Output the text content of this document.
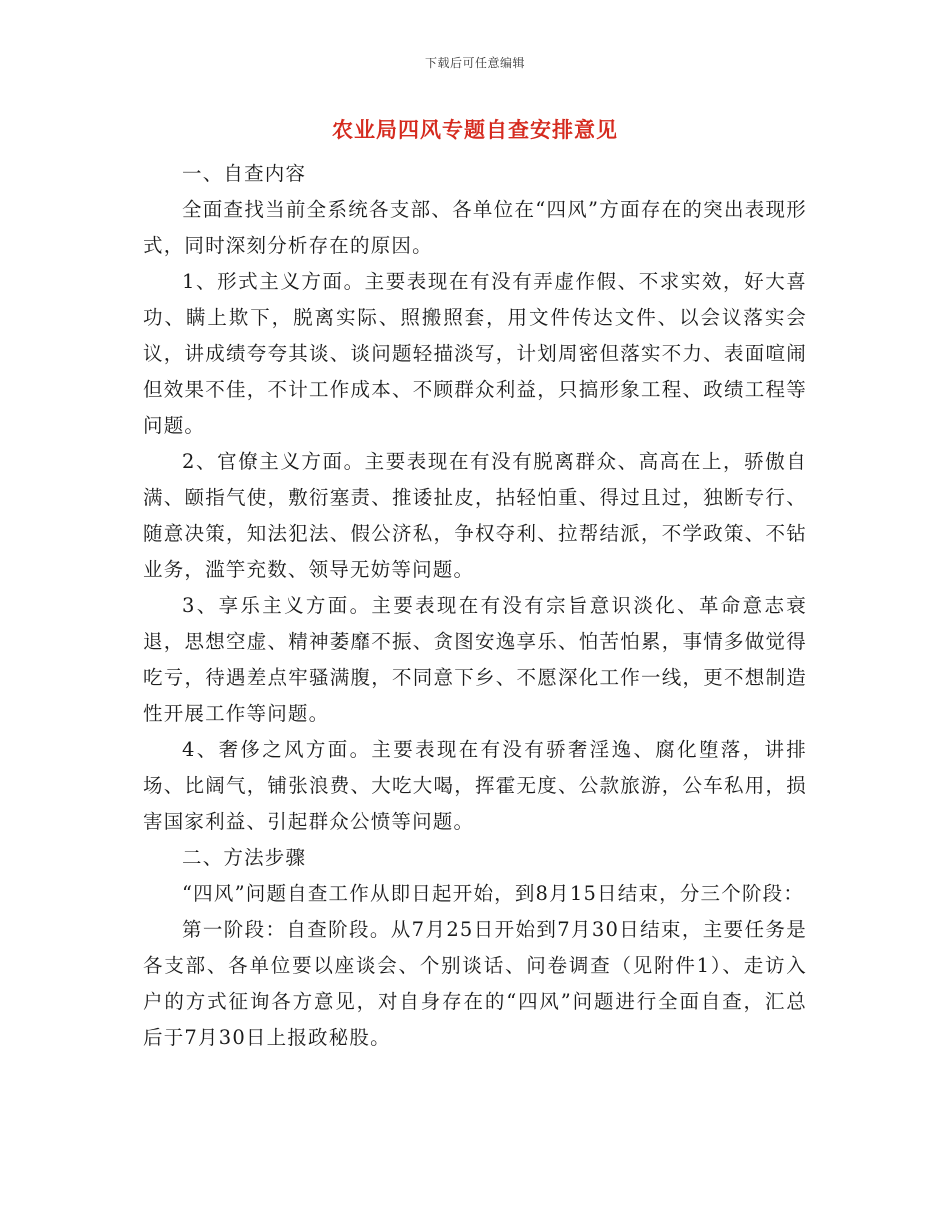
下载后可任意编辑
农业局四风专题自查安排意见

一、自查内容

全面查找当前全系统各支部、各单位在“四风”方面存在的突出表现形式，同时深刻分析存在的原因。

1、形式主义方面。主要表现在有没有弄虚作假、不求实效，好大喜功、瞒上欺下，脱离实际、照搬照套，用文件传达文件、以会议落实会议，讲成绩夸夸其谈、谈问题轻描淡写，计划周密但落实不力、表面喧闹但效果不佳，不计工作成本、不顾群众利益，只搞形象工程、政绩工程等问题。

2、官僚主义方面。主要表现在有没有脱离群众、高高在上，骄傲自满、颐指气使，敷衍塞责、推诿扯皮，拈轻怕重、得过且过，独断专行、随意决策，知法犯法、假公济私，争权夺利、拉帮结派，不学政策、不钻业务，滥竽充数、领导无妨等问题。

3、享乐主义方面。主要表现在有没有宗旨意识淡化、革命意志衰退，思想空虚、精神萎靡不振、贪图安逸享乐、怕苦怕累，事情多做觉得吃亏，待遇差点牢骚满腹，不同意下乡、不愿深化工作一线，更不想制造性开展工作等问题。

4、奢侈之风方面。主要表现在有没有骄奢淫逸、腐化堕落，讲排场、比阔气，铺张浪费、大吃大喝，挥霍无度、公款旅游，公车私用，损害国家利益、引起群众公愤等问题。

二、方法步骤

“四风”问题自查工作从即日起开始，到8月15日结束，分三个阶段：

第一阶段：自查阶段。从7月25日开始到7月30日结束，主要任务是各支部、各单位要以座谈会、个别谈话、问卷调查（见附件1）、走访入户的方式征询各方意见，对自身存在的“四风”问题进行全面自查，汇总后于7月30日上报政秘股。
